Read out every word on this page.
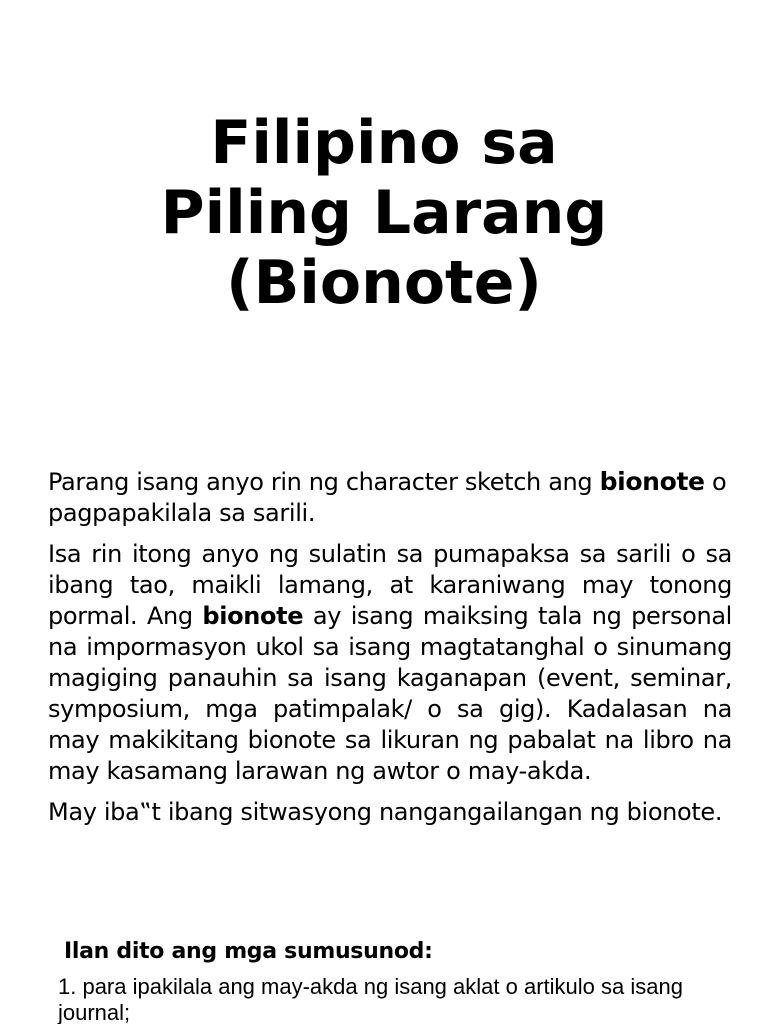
Filipino sa
Piling Larang
(Bionote)

Parang isang anyo rin ng character sketch ang bionote o pagpapakilala sa sarili.

Isa rin itong anyo ng sulatin sa pumapaksa sa sarili o sa ibang tao, maikli lamang, at karaniwang may tonong pormal. Ang bionote ay isang maiksing tala ng personal na impormasyon ukol sa isang magtatanghal o sinumang magiging panauhin sa isang kaganapan (event, seminar, symposium, mga patimpalak/ o sa gig). Kadalasan na may makikitang bionote sa likuran ng pabalat na libro na may kasamang larawan ng awtor o may-akda.

May iba‟t ibang sitwasyong nangangailangan ng bionote.

Ilan dito ang mga sumusunod:

1. para ipakilala ang may-akda ng isang aklat o artikulo sa isang journal;
